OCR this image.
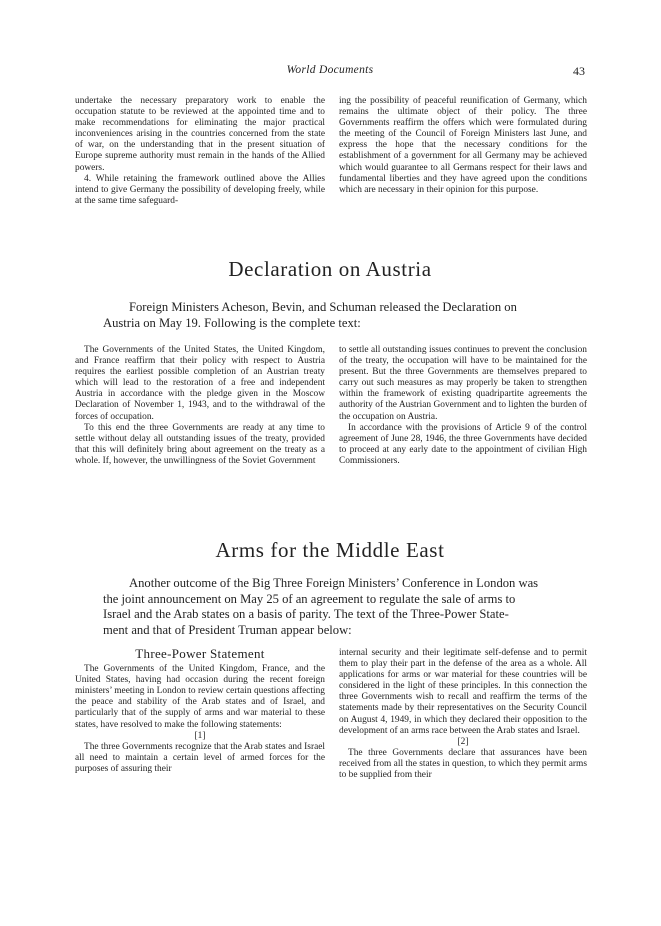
World Documents	43

undertake the necessary preparatory work to enable the occupation statute to be reviewed at the appointed time and to make recommendations for eliminating the major practical inconveniences arising in the countries concerned from the state of war, on the understanding that in the present situation of Europe supreme authority must remain in the hands of the Allied powers.

4. While retaining the framework outlined above the Allies intend to give Germany the possibility of developing freely, while at the same time safeguard-

ing the possibility of peaceful reunification of Germany, which remains the ultimate object of their policy. The three Governments reaffirm the offers which were formulated during the meeting of the Council of Foreign Ministers last June, and express the hope that the necessary conditions for the establishment of a government for all Germany may be achieved which would guarantee to all Germans respect for their laws and fundamental liberties and they have agreed upon the conditions which are necessary in their opinion for this purpose.

Declaration on Austria
Foreign Ministers Acheson, Bevin, and Schuman released the Declaration on
Austria on May 19. Following is the complete text:

The Governments of the United States, the United Kingdom, and France reaffirm that their policy with respect to Austria requires the earliest possible completion of an Austrian treaty which will lead to the restoration of a free and independent Austria in accordance with the pledge given in the Moscow Declaration of November 1, 1943, and to the withdrawal of the forces of occupation.

To this end the three Governments are ready at any time to settle without delay all outstanding issues of the treaty, provided that this will definitely bring about agreement on the treaty as a whole. If, however, the unwillingness of the Soviet Government

to settle all outstanding issues continues to prevent the conclusion of the treaty, the occupation will have to be maintained for the present. But the three Governments are themselves prepared to carry out such measures as may properly be taken to strengthen within the framework of existing quadripartite agreements the authority of the Austrian Government and to lighten the burden of the occupation on Austria.

In accordance with the provisions of Article 9 of the control agreement of June 28, 1946, the three Governments have decided to proceed at any early date to the appointment of civilian High Commissioners.

Arms for the Middle East
Another outcome of the Big Three Foreign Ministers’ Conference in London was
the joint announcement on May 25 of an agreement to regulate the sale of arms to
Israel and the Arab states on a basis of parity. The text of the Three-Power State-
ment and that of President Truman appear below:

Three-Power Statement

The Governments of the United Kingdom, France, and the United States, having had occasion during the recent foreign ministers’ meeting in London to review certain questions affecting the peace and stability of the Arab states and of Israel, and particularly that of the supply of arms and war material to these states, have resolved to make the following statements:

[1]

The three Governments recognize that the Arab states and Israel all need to maintain a certain level of armed forces for the purposes of assuring their

internal security and their legitimate self-defense and to permit them to play their part in the defense of the area as a whole. All applications for arms or war material for these countries will be considered in the light of these principles. In this connection the three Governments wish to recall and reaffirm the terms of the statements made by their representatives on the Security Council on August 4, 1949, in which they declared their opposition to the development of an arms race between the Arab states and Israel.

[2]

The three Governments declare that assurances have been received from all the states in question, to which they permit arms to be supplied from their
